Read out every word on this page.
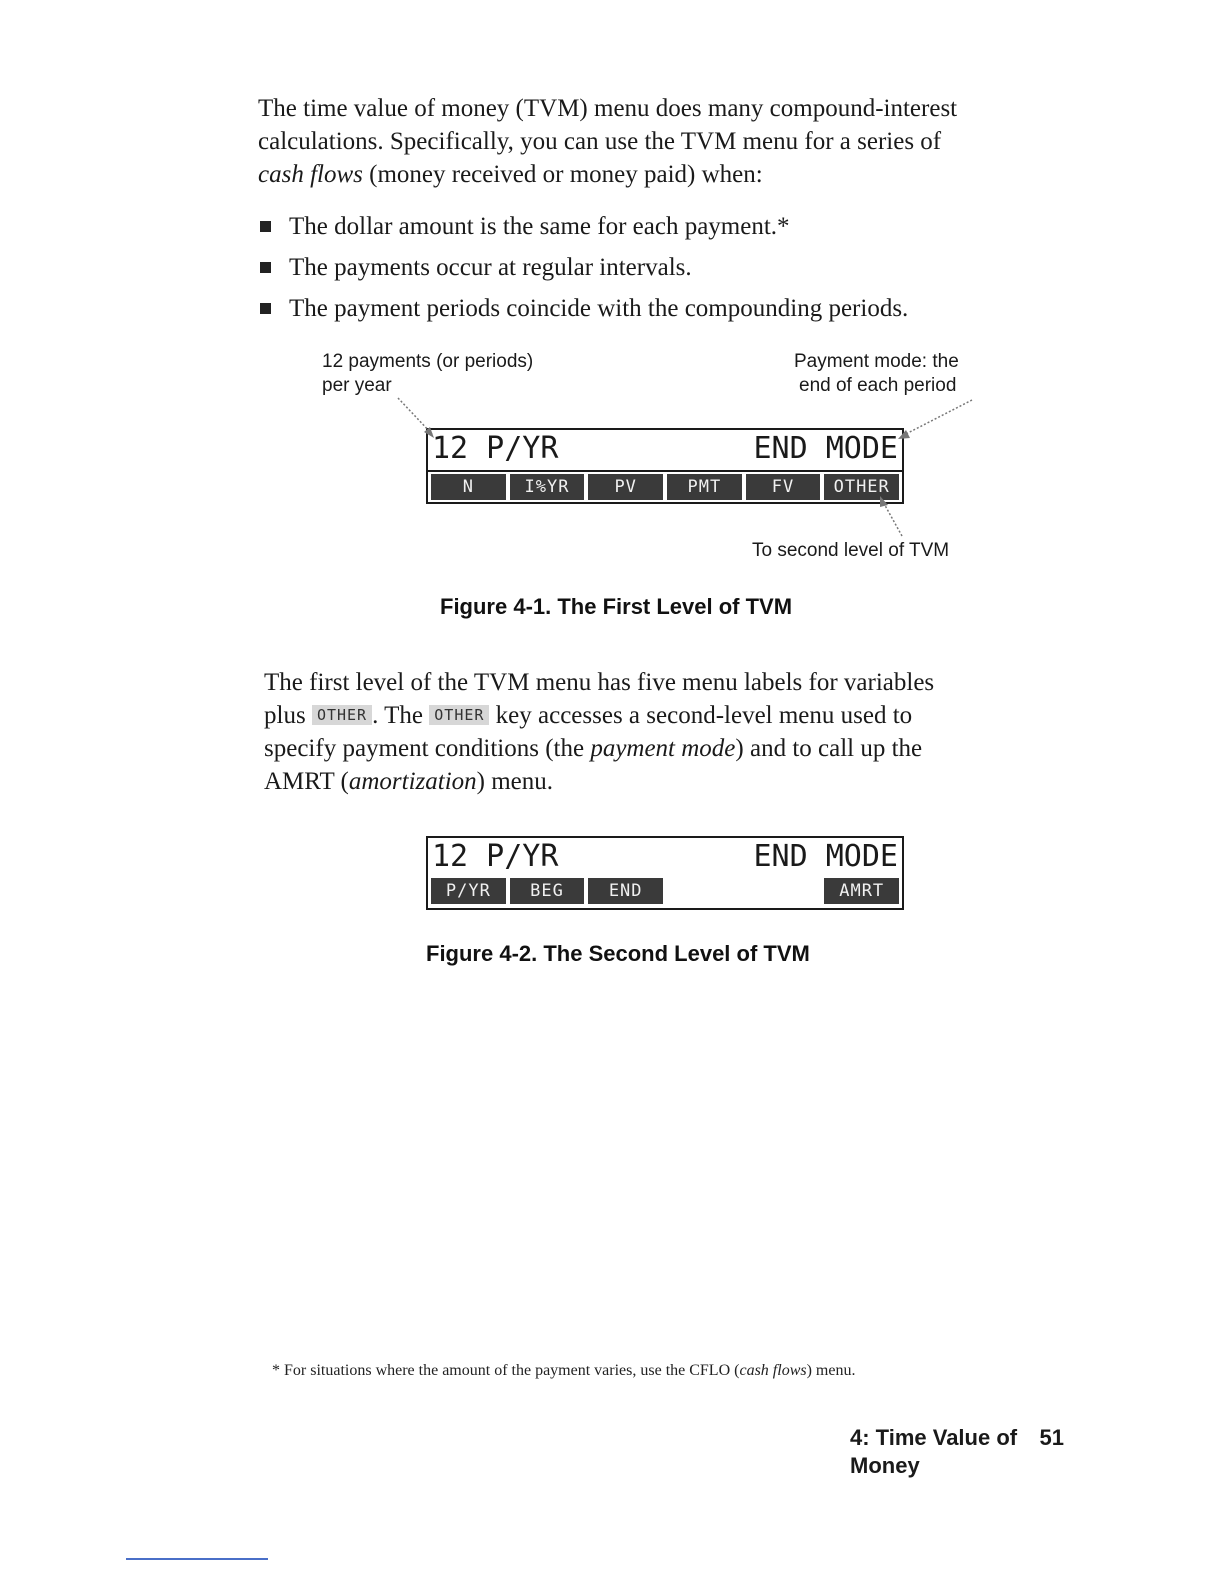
The time value of money (TVM) menu does many compound-interest
calculations. Specifically, you can use the TVM menu for a series of
cash flows (money received or money paid) when:

The dollar amount is the same for each payment.*
The payments occur at regular intervals.
The payment periods coincide with the compounding periods.
12 payments (or periods)
per year
Payment mode: the
end of each period
12 P/YR	END MODE
N	I%YR	PV	PMT	FV	OTHER
To second level of TVM
Figure 4-1. The First Level of TVM

The first level of the TVM menu has five menu labels for variables
plus OTHER . The OTHER key accesses a second-level menu used to
specify payment conditions (the payment mode) and to call up the
AMRT (amortization) menu.

12 P/YR	END MODE
P/YR	BEG	END	AMRT
Figure 4-2. The Second Level of TVM
* For situations where the amount of the payment varies, use the CFLO (cash flows) menu.
4: Time Value of Money
51
